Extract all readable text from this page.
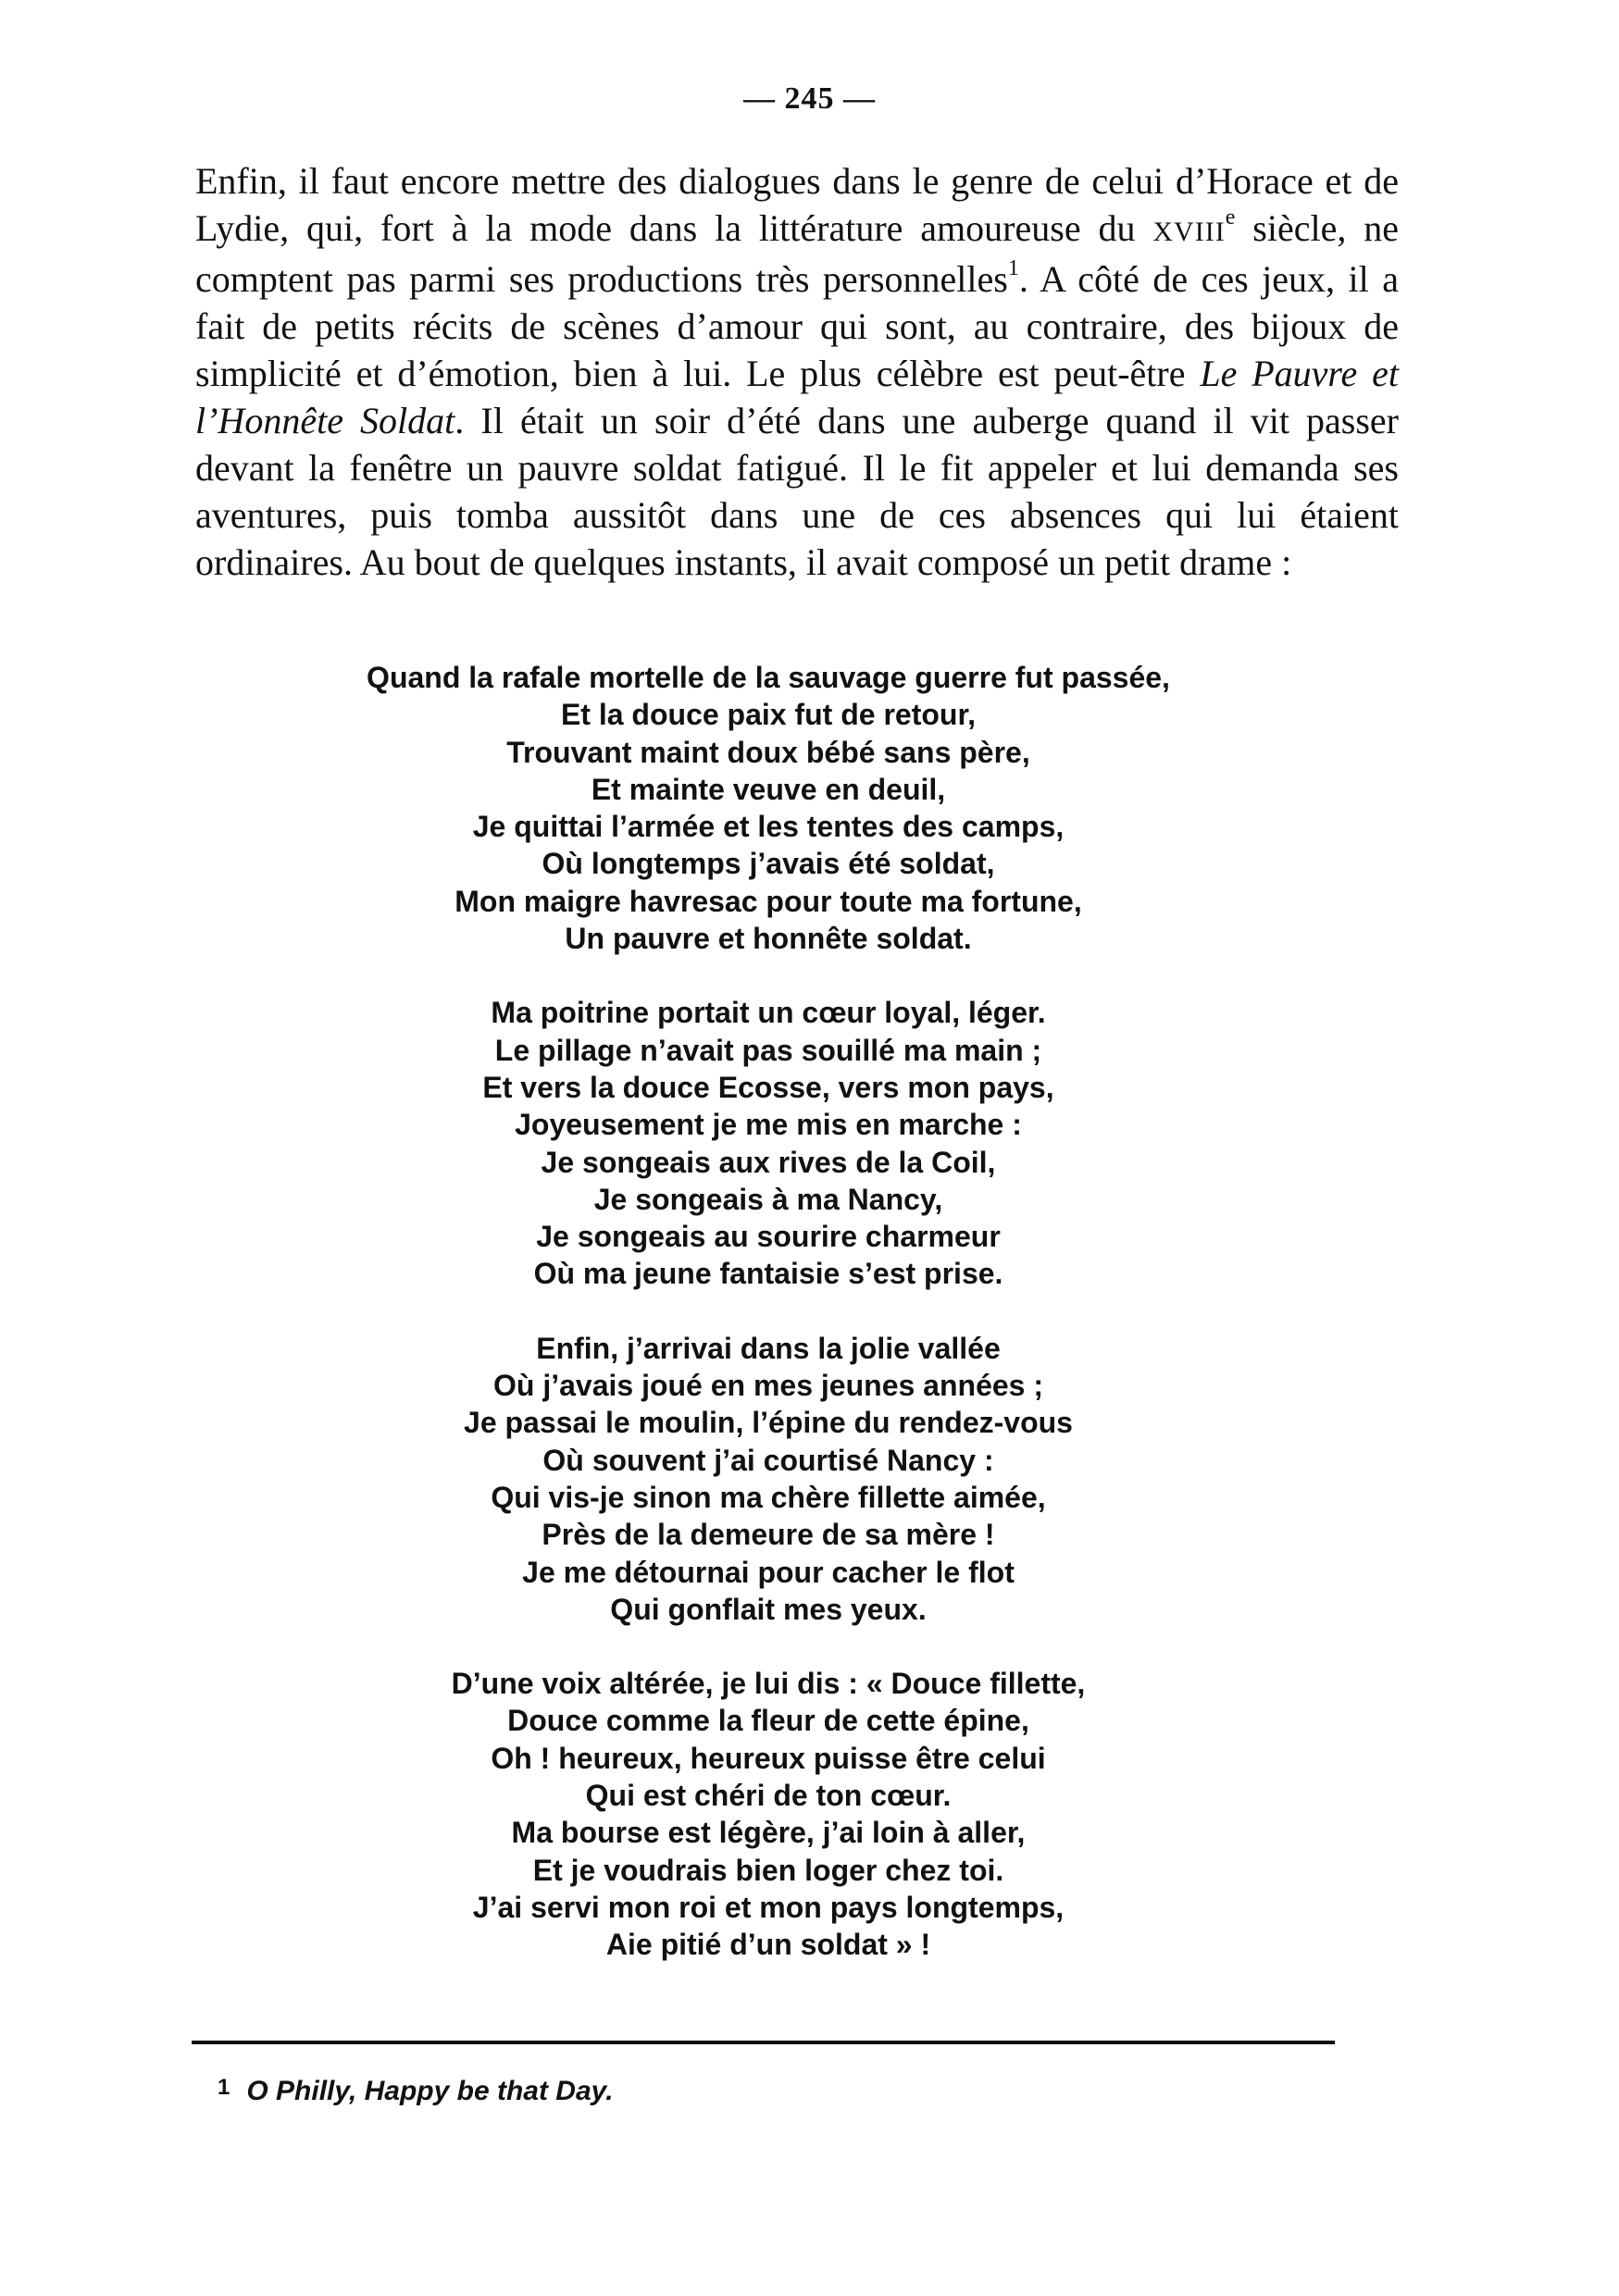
— 245 —

Enfin, il faut encore mettre des dialogues dans le genre de celui d’Horace et de Lydie, qui, fort à la mode dans la littérature amoureuse du XVIIIe siècle, ne comptent pas parmi ses productions très personnelles$^1$. A côté de ces jeux, il a fait de petits récits de scènes d’amour qui sont, au contraire, des bijoux de simplicité et d’émotion, bien à lui. Le plus célèbre est peut-être Le Pauvre et l’Honnête Soldat. Il était un soir d’été dans une auberge quand il vit passer devant la fenêtre un pauvre soldat fatigué. Il le fit appeler et lui demanda ses aventures, puis tomba aussitôt dans une de ces absences qui lui étaient ordinaires. Au bout de quelques instants, il avait composé un petit drame :

Quand la rafale mortelle de la sauvage guerre fut passée,
Et la douce paix fut de retour,
Trouvant maint doux bébé sans père,
Et mainte veuve en deuil,
Je quittai l’armée et les tentes des camps,
Où longtemps j’avais été soldat,
Mon maigre havresac pour toute ma fortune,
Un pauvre et honnête soldat.
Ma poitrine portait un cœur loyal, léger.
Le pillage n’avait pas souillé ma main ;
Et vers la douce Ecosse, vers mon pays,
Joyeusement je me mis en marche :
Je songeais aux rives de la Coil,
Je songeais à ma Nancy,
Je songeais au sourire charmeur
Où ma jeune fantaisie s’est prise.
Enfin, j’arrivai dans la jolie vallée
Où j’avais joué en mes jeunes années ;
Je passai le moulin, l’épine du rendez-vous
Où souvent j’ai courtisé Nancy :
Qui vis-je sinon ma chère fillette aimée,
Près de la demeure de sa mère !
Je me détournai pour cacher le flot
Qui gonflait mes yeux.
D’une voix altérée, je lui dis : « Douce fillette,
Douce comme la fleur de cette épine,
Oh ! heureux, heureux puisse être celui
Qui est chéri de ton cœur.
Ma bourse est légère, j’ai loin à aller,
Et je voudrais bien loger chez toi.
J’ai servi mon roi et mon pays longtemps,
Aie pitié d’un soldat » !
$^1$ O Philly, Happy be that Day.
